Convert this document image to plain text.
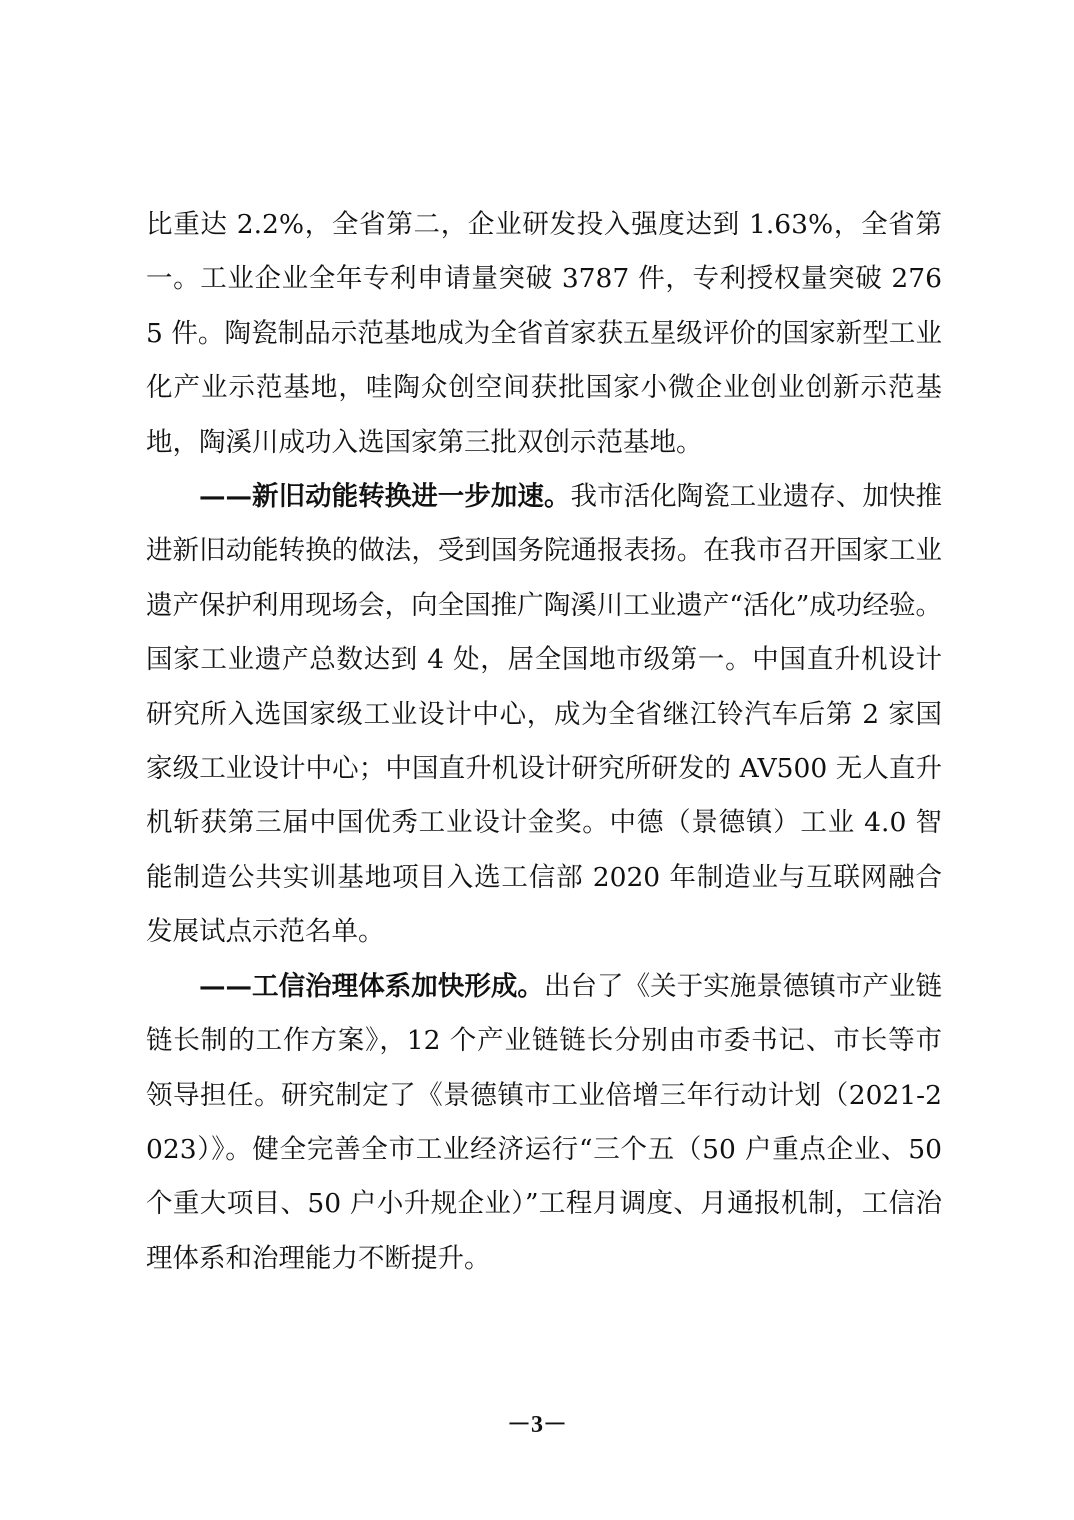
比重达 2.2%，全省第二，企业研发投入强度达到 1.63%，全省第一。工业企业全年专利申请量突破 3787 件，专利授权量突破 2765 件。陶瓷制品示范基地成为全省首家获五星级评价的国家新型工业化产业示范基地，哇陶众创空间获批国家小微企业创业创新示范基地，陶溪川成功入选国家第三批双创示范基地。

——新旧动能转换进一步加速。我市活化陶瓷工业遗存、加快推进新旧动能转换的做法，受到国务院通报表扬。在我市召开国家工业遗产保护利用现场会，向全国推广陶溪川工业遗产“活化”成功经验。国家工业遗产总数达到 4 处，居全国地市级第一。中国直升机设计研究所入选国家级工业设计中心，成为全省继江铃汽车后第 2 家国家级工业设计中心；中国直升机设计研究所研发的 AV500 无人直升机斩获第三届中国优秀工业设计金奖。中德（景德镇）工业 4.0 智能制造公共实训基地项目入选工信部 2020 年制造业与互联网融合发展试点示范名单。

——工信治理体系加快形成。出台了《关于实施景德镇市产业链链长制的工作方案》，12 个产业链链长分别由市委书记、市长等市领导担任。研究制定了《景德镇市工业倍增三年行动计划（2021-2023）》。健全完善全市工业经济运行“三个五（50 户重点企业、50 个重大项目、50 户小升规企业）”工程月调度、月通报机制，工信治理体系和治理能力不断提升。

－3－
